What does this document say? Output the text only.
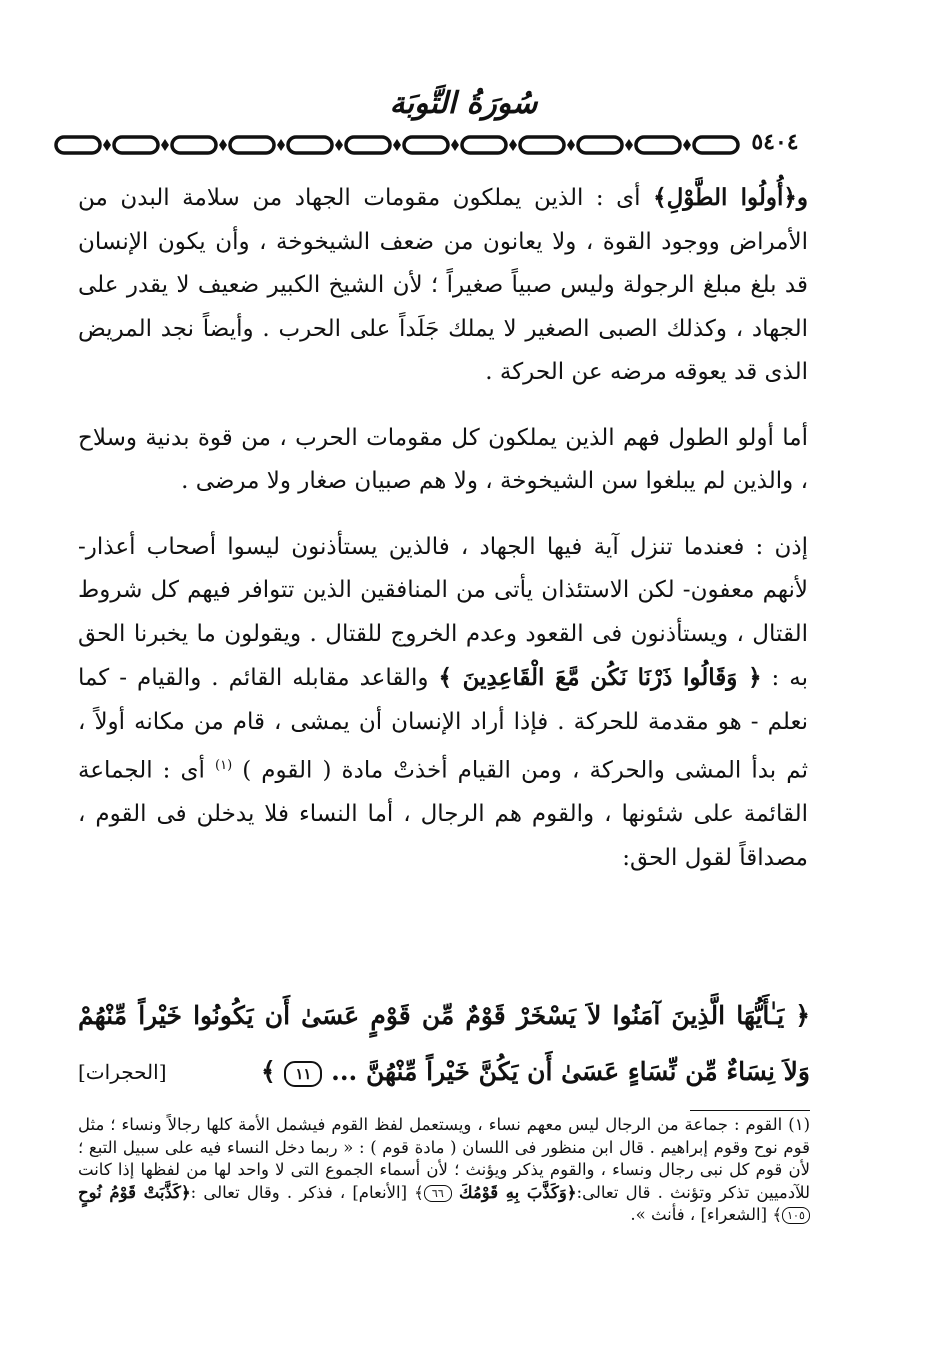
سُورَةُ التَّوبَة
٥٤٠٤

و﴿أُولُوا الطَّوْلِ﴾ أى : الذين يملكون مقومات الجهاد من سلامة البدن من الأمراض ووجود القوة ، ولا يعانون من ضعف الشيخوخة ، وأن يكون الإنسان قد بلغ مبلغ الرجولة وليس صبياً صغيراً ؛ لأن الشيخ الكبير ضعيف لا يقدر على الجهاد ، وكذلك الصبى الصغير لا يملك جَلَداً على الحرب . وأيضاً نجد المريض الذى قد يعوقه مرضه عن الحركة .

أما أولو الطول فهم الذين يملكون كل مقومات الحرب ، من قوة بدنية وسلاح ، والذين لم يبلغوا سن الشيخوخة ، ولا هم صبيان صغار ولا مرضى .

إذن : فعندما تنزل آية فيها الجهاد ، فالذين يستأذنون ليسوا أصحاب أعذار- لأنهم معفون- لكن الاستئذان يأتى من المنافقين الذين تتوافر فيهم كل شروط القتال ، ويستأذنون فى القعود وعدم الخروج للقتال . ويقولون ما يخبرنا الحق به : ﴿ وَقَالُوا ذَرْنَا نَكُن مَّعَ الْقَاعِدِينَ ﴾ والقاعد مقابله القائم . والقيام - كما نعلم - هو مقدمة للحركة . فإذا أراد الإنسان أن يمشى ، قام من مكانه أولاً ، ثم بدأ المشى والحركة ، ومن القيام أخذتْ مادة ( القوم ) $^{(١)}$ أى : الجماعة القائمة على شئونها ، والقوم هم الرجال ، أما النساء فلا يدخلن فى القوم ، مصداقاً لقول الحق:

﴿ يَـٰأَيُّهَا الَّذِينَ آمَنُوا لاَ يَسْخَرْ قَوْمٌ مِّن قَوْمٍ عَسَىٰ أَن يَكُونُوا خَيْراً مِّنْهُمْ
وَلاَ نِسَاءٌ مِّن نِّسَاءٍ عَسَىٰ أَن يَكُنَّ خَيْراً مِّنْهُنَّ ... ١١ ﴾
[الحجرات]

(١)القوم : جماعة من الرجال ليس معهم نساء ، ويستعمل لفظ القوم فيشمل الأمة كلها رجالاً ونساء ؛ مثل قوم نوح وقوم إبراهيم . قال ابن منظور فى اللسان ( مادة قوم ) : « ربما دخل النساء فيه على سبيل التبع ؛ لأن قوم كل نبى رجال ونساء ، والقوم يذكر ويؤنث ؛ لأن أسماء الجموع التى لا واحد لها من لفظها إذا كانت للآدميين تذكر وتؤنث . قال تعالى:﴿وَكَذَّبَ بِهِ قَوْمُكَ ٦٦﴾ [الأنعام] ، فذكر . وقال تعالى :﴿كَذَّبَتْ قَوْمُ نُوحٍ ١٠٥﴾ [الشعراء] ، فأنث ».
